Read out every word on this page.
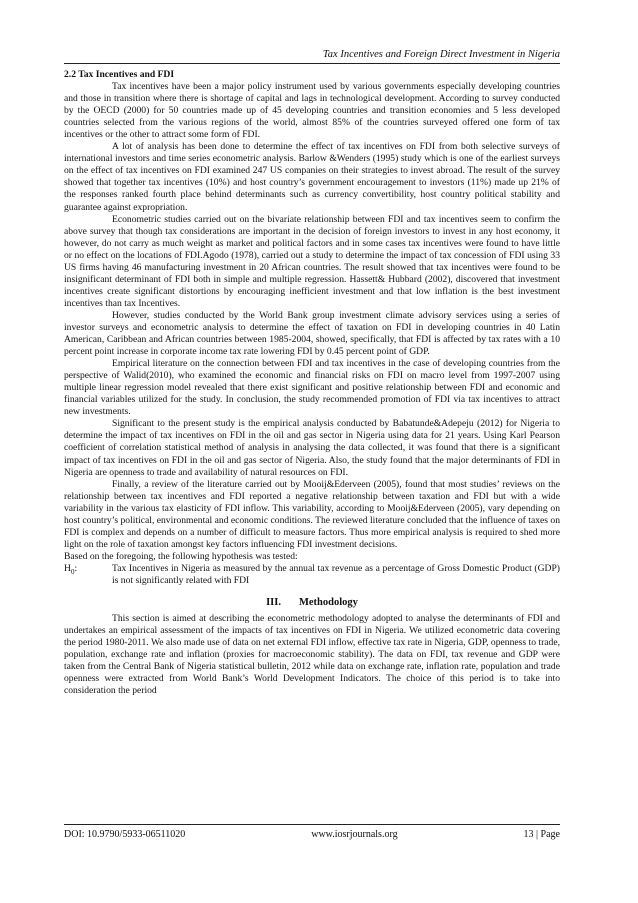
Tax Incentives and Foreign Direct Investment in Nigeria

2.2 Tax Incentives and FDI

Tax incentives have been a major policy instrument used by various governments especially developing countries and those in transition where there is shortage of capital and lags in technological development. According to survey conducted by the OECD (2000) for 50 countries made up of 45 developing countries and transition economies and 5 less developed countries selected from the various regions of the world, almost 85% of the countries surveyed offered one form of tax incentives or the other to attract some form of FDI.

A lot of analysis has been done to determine the effect of tax incentives on FDI from both selective surveys of international investors and time series econometric analysis. Barlow &Wenders (1995) study which is one of the earliest surveys on the effect of tax incentives on FDI examined 247 US companies on their strategies to invest abroad. The result of the survey showed that together tax incentives (10%) and host country’s government encouragement to investors (11%) made up 21% of the responses ranked fourth place behind determinants such as currency convertibility, host country political stability and guarantee against expropriation.

Econometric studies carried out on the bivariate relationship between FDI and tax incentives seem to confirm the above survey that though tax considerations are important in the decision of foreign investors to invest in any host economy, it however, do not carry as much weight as market and political factors and in some cases tax incentives were found to have little or no effect on the locations of FDI.Agodo (1978), carried out a study to determine the impact of tax concession of FDI using 33 US firms having 46 manufacturing investment in 20 African countries. The result showed that tax incentives were found to be insignificant determinant of FDI both in simple and multiple regression. Hassett& Hubbard (2002), discovered that investment incentives create significant distortions by encouraging inefficient investment and that low inflation is the best investment incentives than tax Incentives.

However, studies conducted by the World Bank group investment climate advisory services using a series of investor surveys and econometric analysis to determine the effect of taxation on FDI in developing countries in 40 Latin American, Caribbean and African countries between 1985-2004, showed, specifically, that FDI is affected by tax rates with a 10 percent point increase in corporate income tax rate lowering FDI by 0.45 percent point of GDP.

Empirical literature on the connection between FDI and tax incentives in the case of developing countries from the perspective of Walid(2010), who examined the economic and financial risks on FDI on macro level from 1997-2007 using multiple linear regression model revealed that there exist significant and positive relationship between FDI and economic and financial variables utilized for the study. In conclusion, the study recommended promotion of FDI via tax incentives to attract new investments.

Significant to the present study is the empirical analysis conducted by Babatunde&Adepeju (2012) for Nigeria to determine the impact of tax incentives on FDI in the oil and gas sector in Nigeria using data for 21 years. Using Karl Pearson coefficient of correlation statistical method of analysis in analysing the data collected, it was found that there is a significant impact of tax incentives on FDI in the oil and gas sector of Nigeria. Also, the study found that the major determinants of FDI in Nigeria are openness to trade and availability of natural resources on FDI.

Finally, a review of the literature carried out by Mooij&Ederveen (2005), found that most studies’ reviews on the relationship between tax incentives and FDI reported a negative relationship between taxation and FDI but with a wide variability in the various tax elasticity of FDI inflow. This variability, according to Mooij&Ederveen (2005), vary depending on host country’s political, environmental and economic conditions. The reviewed literature concluded that the influence of taxes on FDI is complex and depends on a number of difficult to measure factors. Thus more empirical analysis is required to shed more light on the role of taxation amongst key factors influencing FDI investment decisions.

Based on the foregoing, the following hypothesis was tested:

$H_0$:	Tax Incentives in Nigeria as measured by the annual tax revenue as a percentage of Gross Domestic Product (GDP) is not significantly related with FDI
III. Methodology

This section is aimed at describing the econometric methodology adopted to analyse the determinants of FDI and undertakes an empirical assessment of the impacts of tax incentives on FDI in Nigeria. We utilized econometric data covering the period 1980-2011. We also made use of data on net external FDI inflow, effective tax rate in Nigeria, GDP, openness to trade, population, exchange rate and inflation (proxies for macroeconomic stability). The data on FDI, tax revenue and GDP were taken from the Central Bank of Nigeria statistical bulletin, 2012 while data on exchange rate, inflation rate, population and trade openness were extracted from World Bank’s World Development Indicators. The choice of this period is to take into consideration the period

DOI: 10.9790/5933-06511020	www.iosrjournals.org	13 | Page
